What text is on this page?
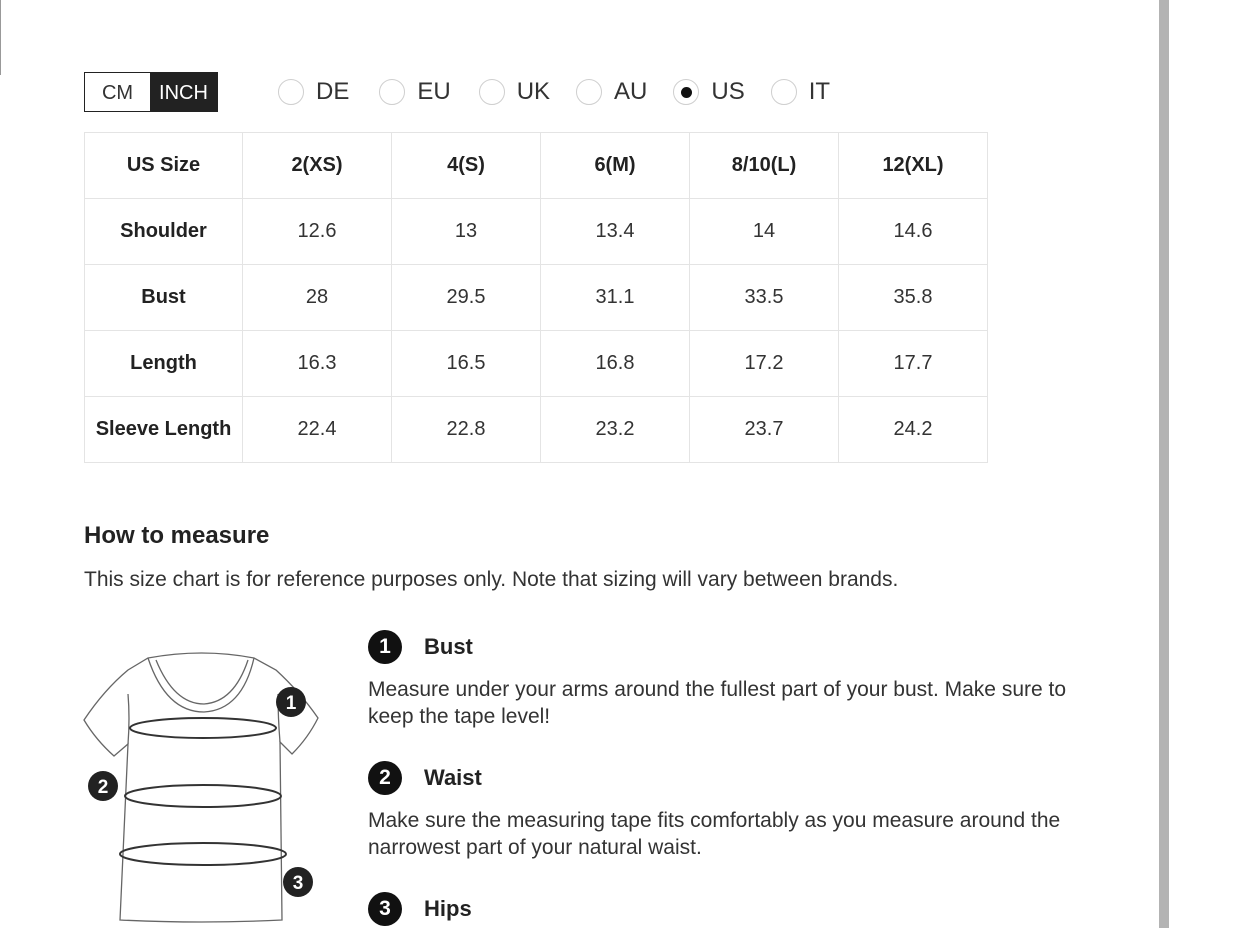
CM	INCH	DE	EU	UK	AU	US	IT
US Size	2(XS)	4(S)	6(M)	8/10(L)	12(XL)
Shoulder	12.6	13	13.4	14	14.6
Bust	28	29.5	31.1	33.5	35.8
Length	16.3	16.5	16.8	17.2	17.7
Sleeve Length	22.4	22.8	23.2	23.7	24.2
How to measure
This size chart is for reference purposes only. Note that sizing will vary between brands.
1
2
3
1	Bust
Measure under your arms around the fullest part of your bust. Make sure to keep the tape level!
2	Waist
Make sure the measuring tape fits comfortably as you measure around the narrowest part of your natural waist.
3	Hips
